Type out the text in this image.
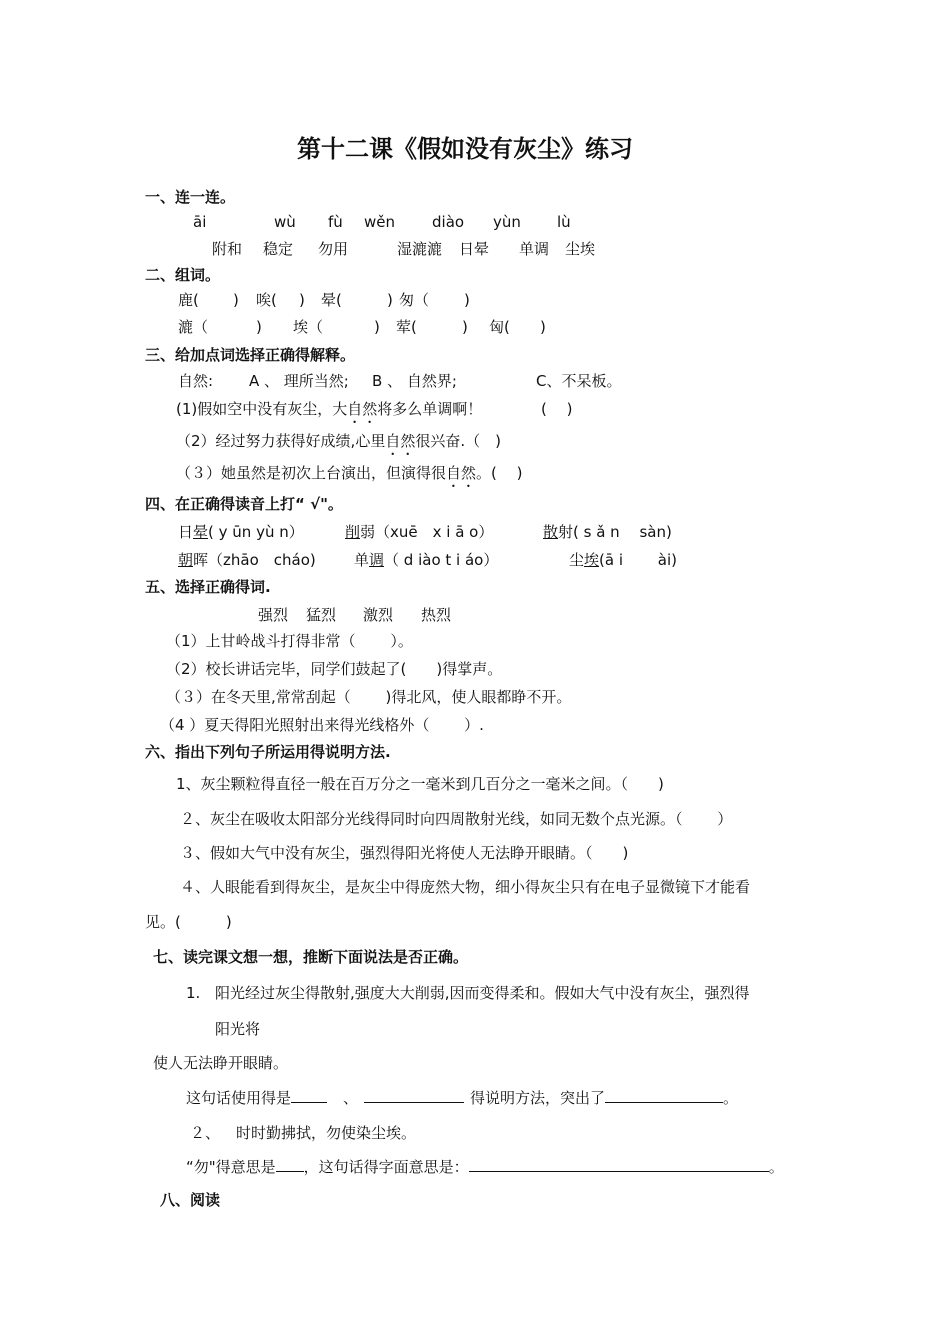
第十二课《假如没有灰尘》练习
一、连一连。
āi	wù fù wěn diào yùn lù
附和 稳定 勿用	湿漉漉 日晕 单调 尘埃
二、组词。
鹿( ) 唉( ) 晕(	) 匆（ )
漉（	) 埃（	) 荤(	) 匈( )
三、给加点词选择正确得解释。
自然: A 、 理所当然; B 、 自然界;	C、不呆板。
(1)假如空中没有灰尘，大自然将多么单调啊！	(　 )
（2）经过努力获得好成绩,心里自然很兴奋.（　)
（３）她虽然是初次上台演出，但演得很自然。(　 )
四、在正确得读音上打“ √"。
日晕( y ūn yù n）	削弱（xuē　x i ā o）	散射( s ǎ n　 sàn)
朝晖（zhāo　cháo)	单调（ d iào t i áo）	尘埃(ā i　　 ài)
五、选择正确得词.
强烈 猛烈 激烈 热烈
（1）上甘岭战斗打得非常（　　 ）。
（2）校长讲话完毕，同学们鼓起了(　　)得掌声。
（３）在冬天里,常常刮起（　　 )得北风，使人眼都睁不开。
（4 ）夏天得阳光照射出来得光线格外（　　 ）.
六、指出下列句子所运用得说明方法.
1、灰尘颗粒得直径一般在百万分之一毫米到几百分之一毫米之间。（　　)
２、灰尘在吸收太阳部分光线得同时向四周散射光线，如同无数个点光源。（　　 ）
３、假如大气中没有灰尘，强烈得阳光将使人无法睁开眼睛。（　　)
４、人眼能看到得灰尘，是灰尘中得庞然大物，细小得灰尘只有在电子显微镜下才能看
见。(　　　)
七、读完课文想一想，推断下面说法是否正确。
1. 阳光经过灰尘得散射,强度大大削弱,因而变得柔和。假如大气中没有灰尘，强烈得
阳光将
使人无法睁开眼睛。
这句话使用得是	、	得说明方法，突出了	。
２、 时时勤拂拭，勿使染尘埃。
“勿"得意思是 ，这句话得字面意思是：	。
八、阅读
